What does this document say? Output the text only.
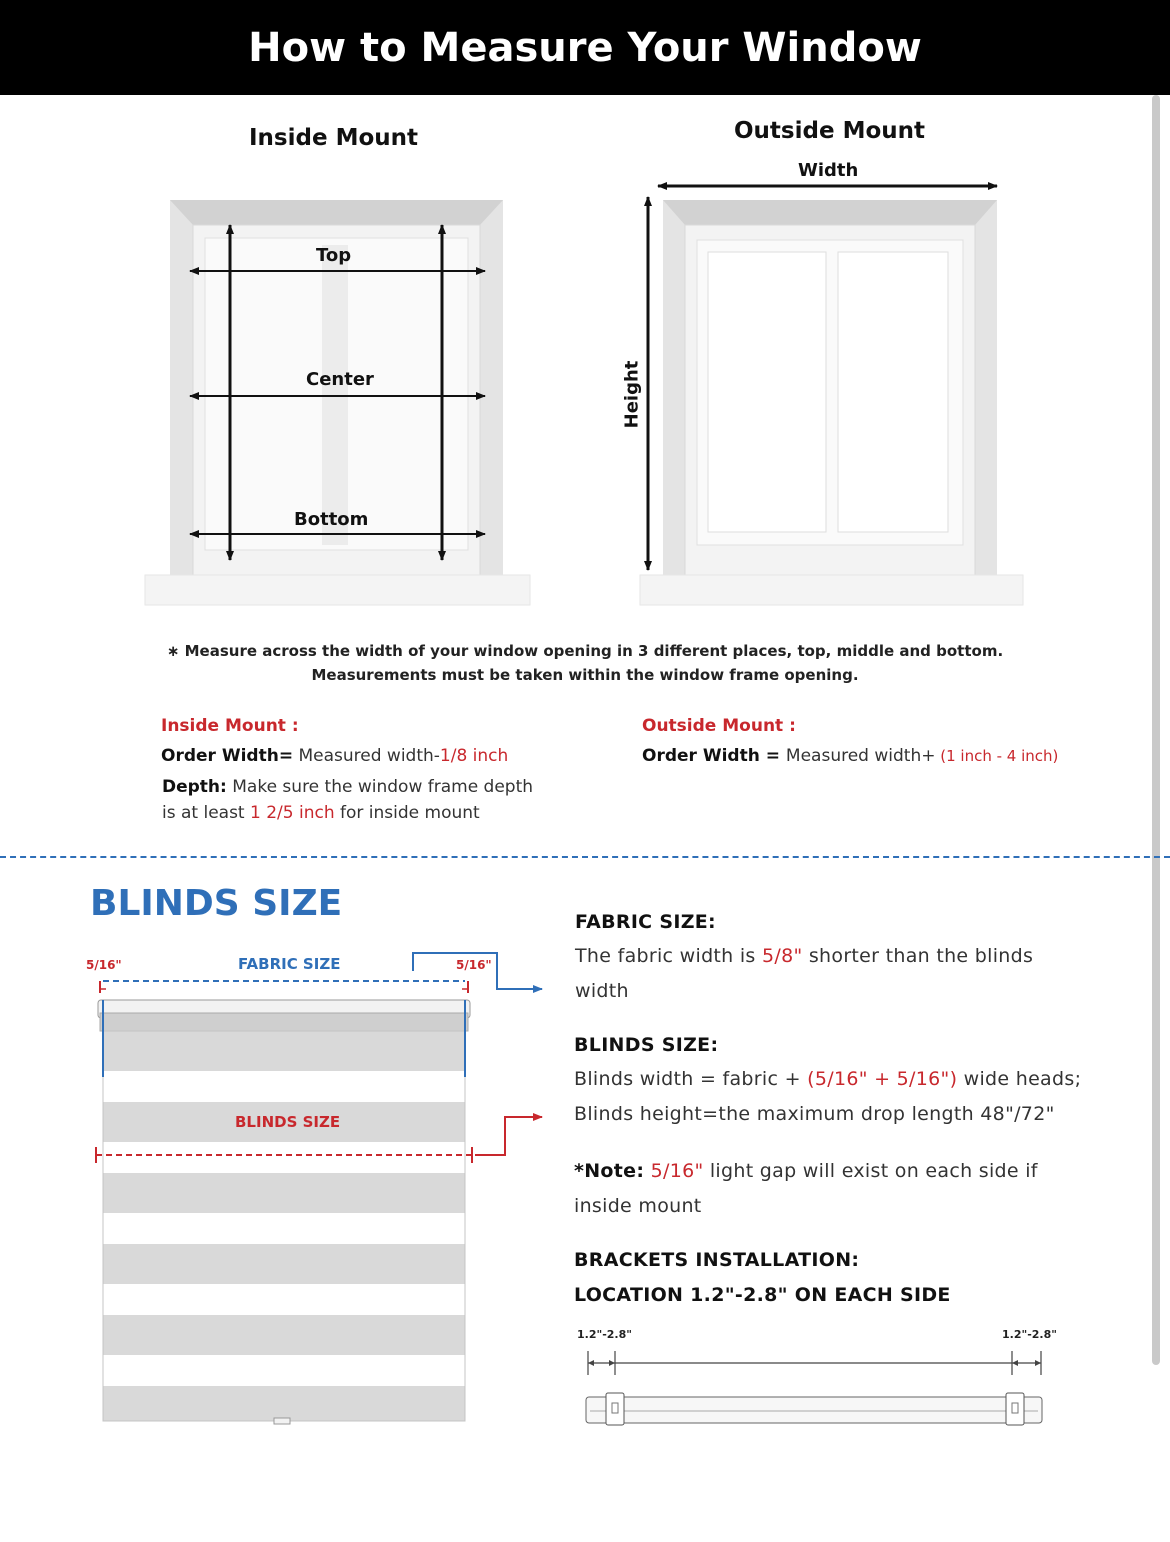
How to Measure Your Window
Inside Mount	Outside Mount
Top
Center
Bottom
Width
Height
∗ Measure across the width of your window opening in 3 different places, top, middle and bottom.
Measurements must be taken within the window frame opening.
Inside Mount :
Order Width= Measured width-1/8 inch
Depth: Make sure the window frame depth
is at least 1 2/5 inch for inside mount
Outside Mount :
Order Width = Measured width+ (1 inch - 4 inch)
BLINDS SIZE
5/16"	5/16"
FABRIC SIZE
BLINDS SIZE
FABRIC SIZE:
The fabric width is 5/8" shorter than the blinds
width
BLINDS SIZE:
Blinds width = fabric + (5/16" + 5/16") wide heads;
Blinds height=the maximum drop length 48"/72"
*Note: 5/16" light gap will exist on each side if
inside mount
BRACKETS INSTALLATION:
LOCATION 1.2"-2.8" ON EACH SIDE
1.2"-2.8"	1.2"-2.8"
